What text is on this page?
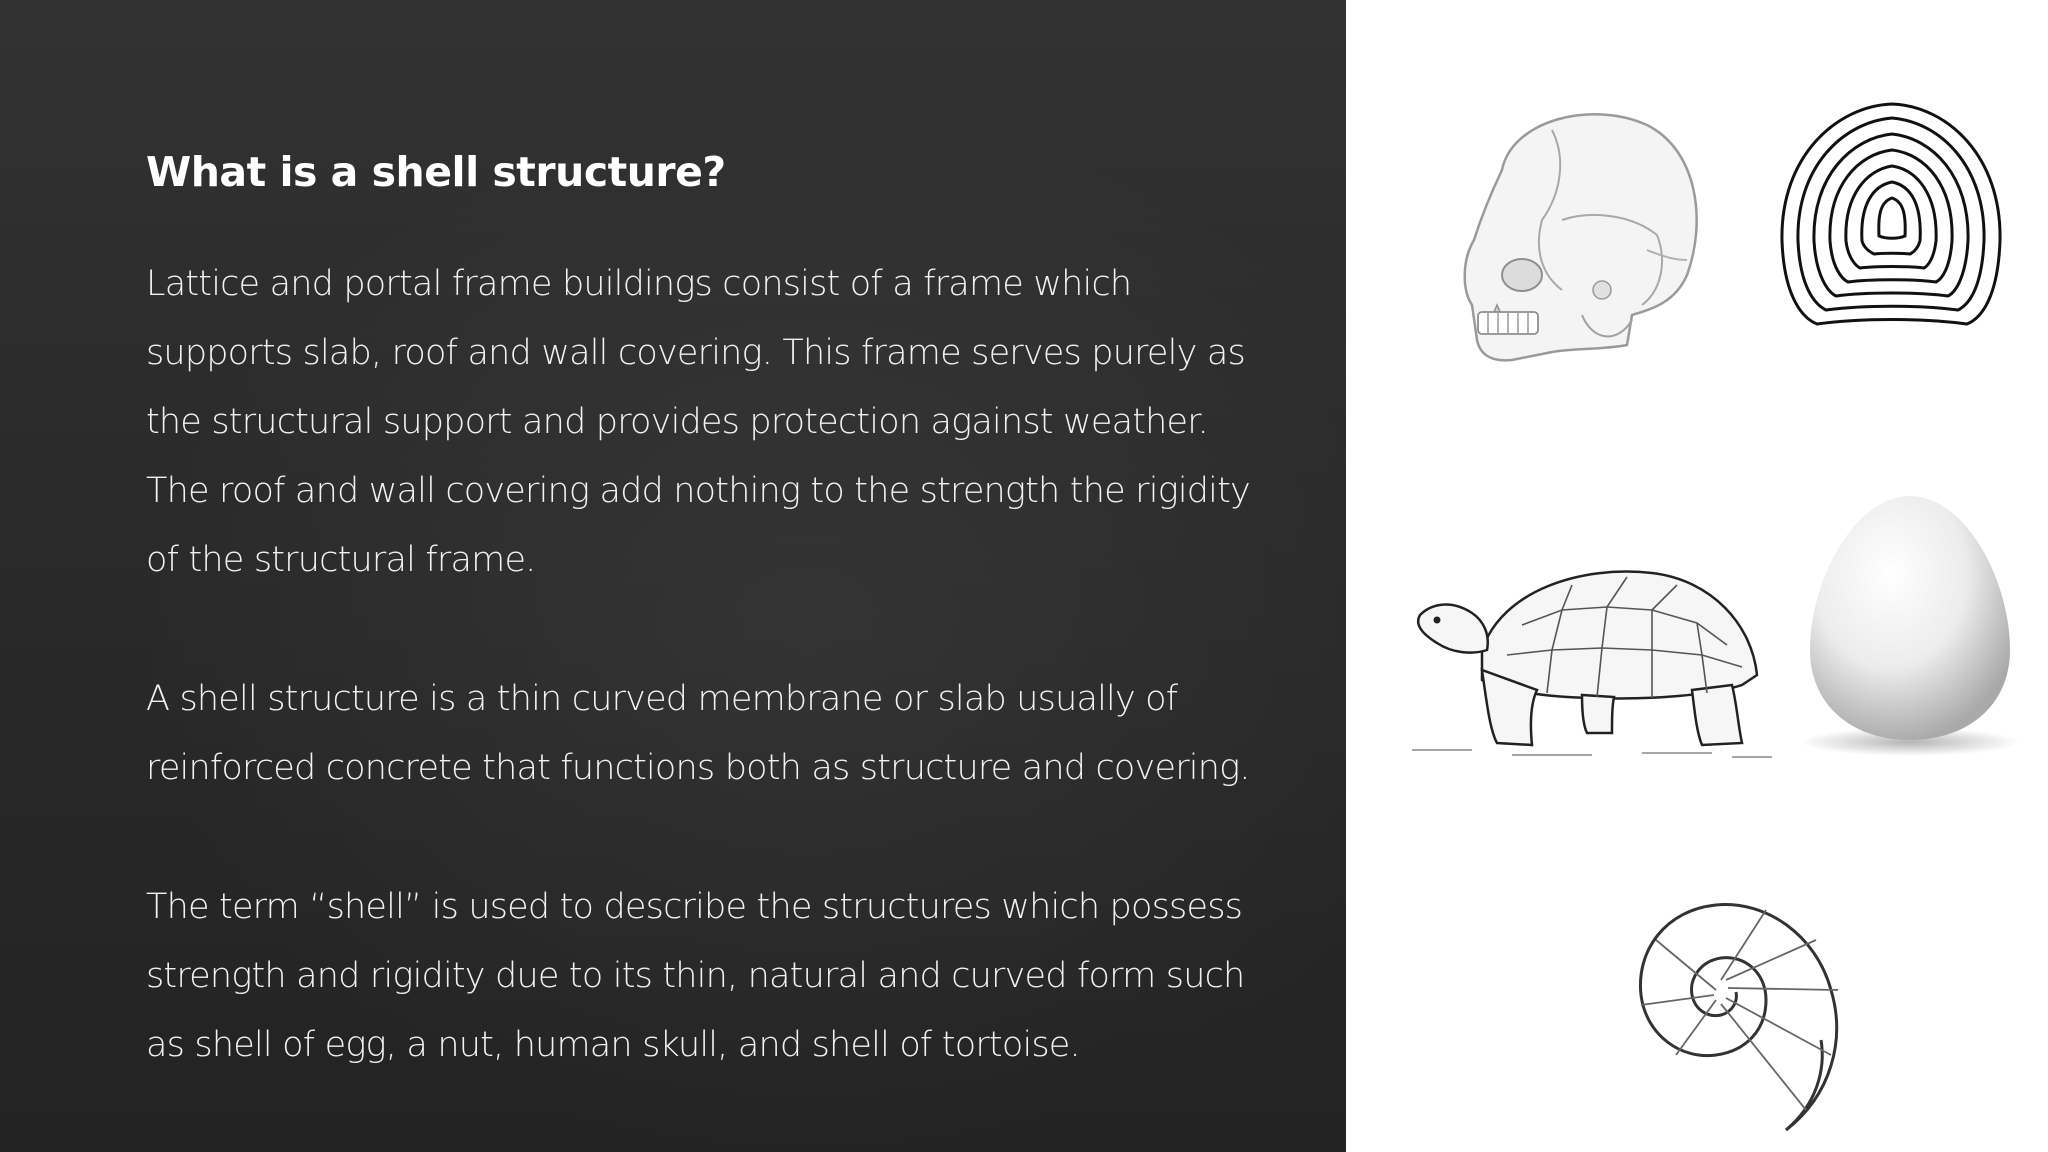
What is a shell structure?

Lattice and portal frame buildings consist of a frame which supports slab, roof and wall covering. This frame serves purely as the structural support and provides protection against weather. The roof and wall covering add nothing to the strength the rigidity of the structural frame.

A shell structure is a thin curved membrane or slab usually of reinforced concrete that functions both as structure and covering.

The term “shell” is used to describe the structures which possess strength and rigidity due to its thin, natural and curved form such as shell of egg, a nut, human skull, and shell of tortoise.
